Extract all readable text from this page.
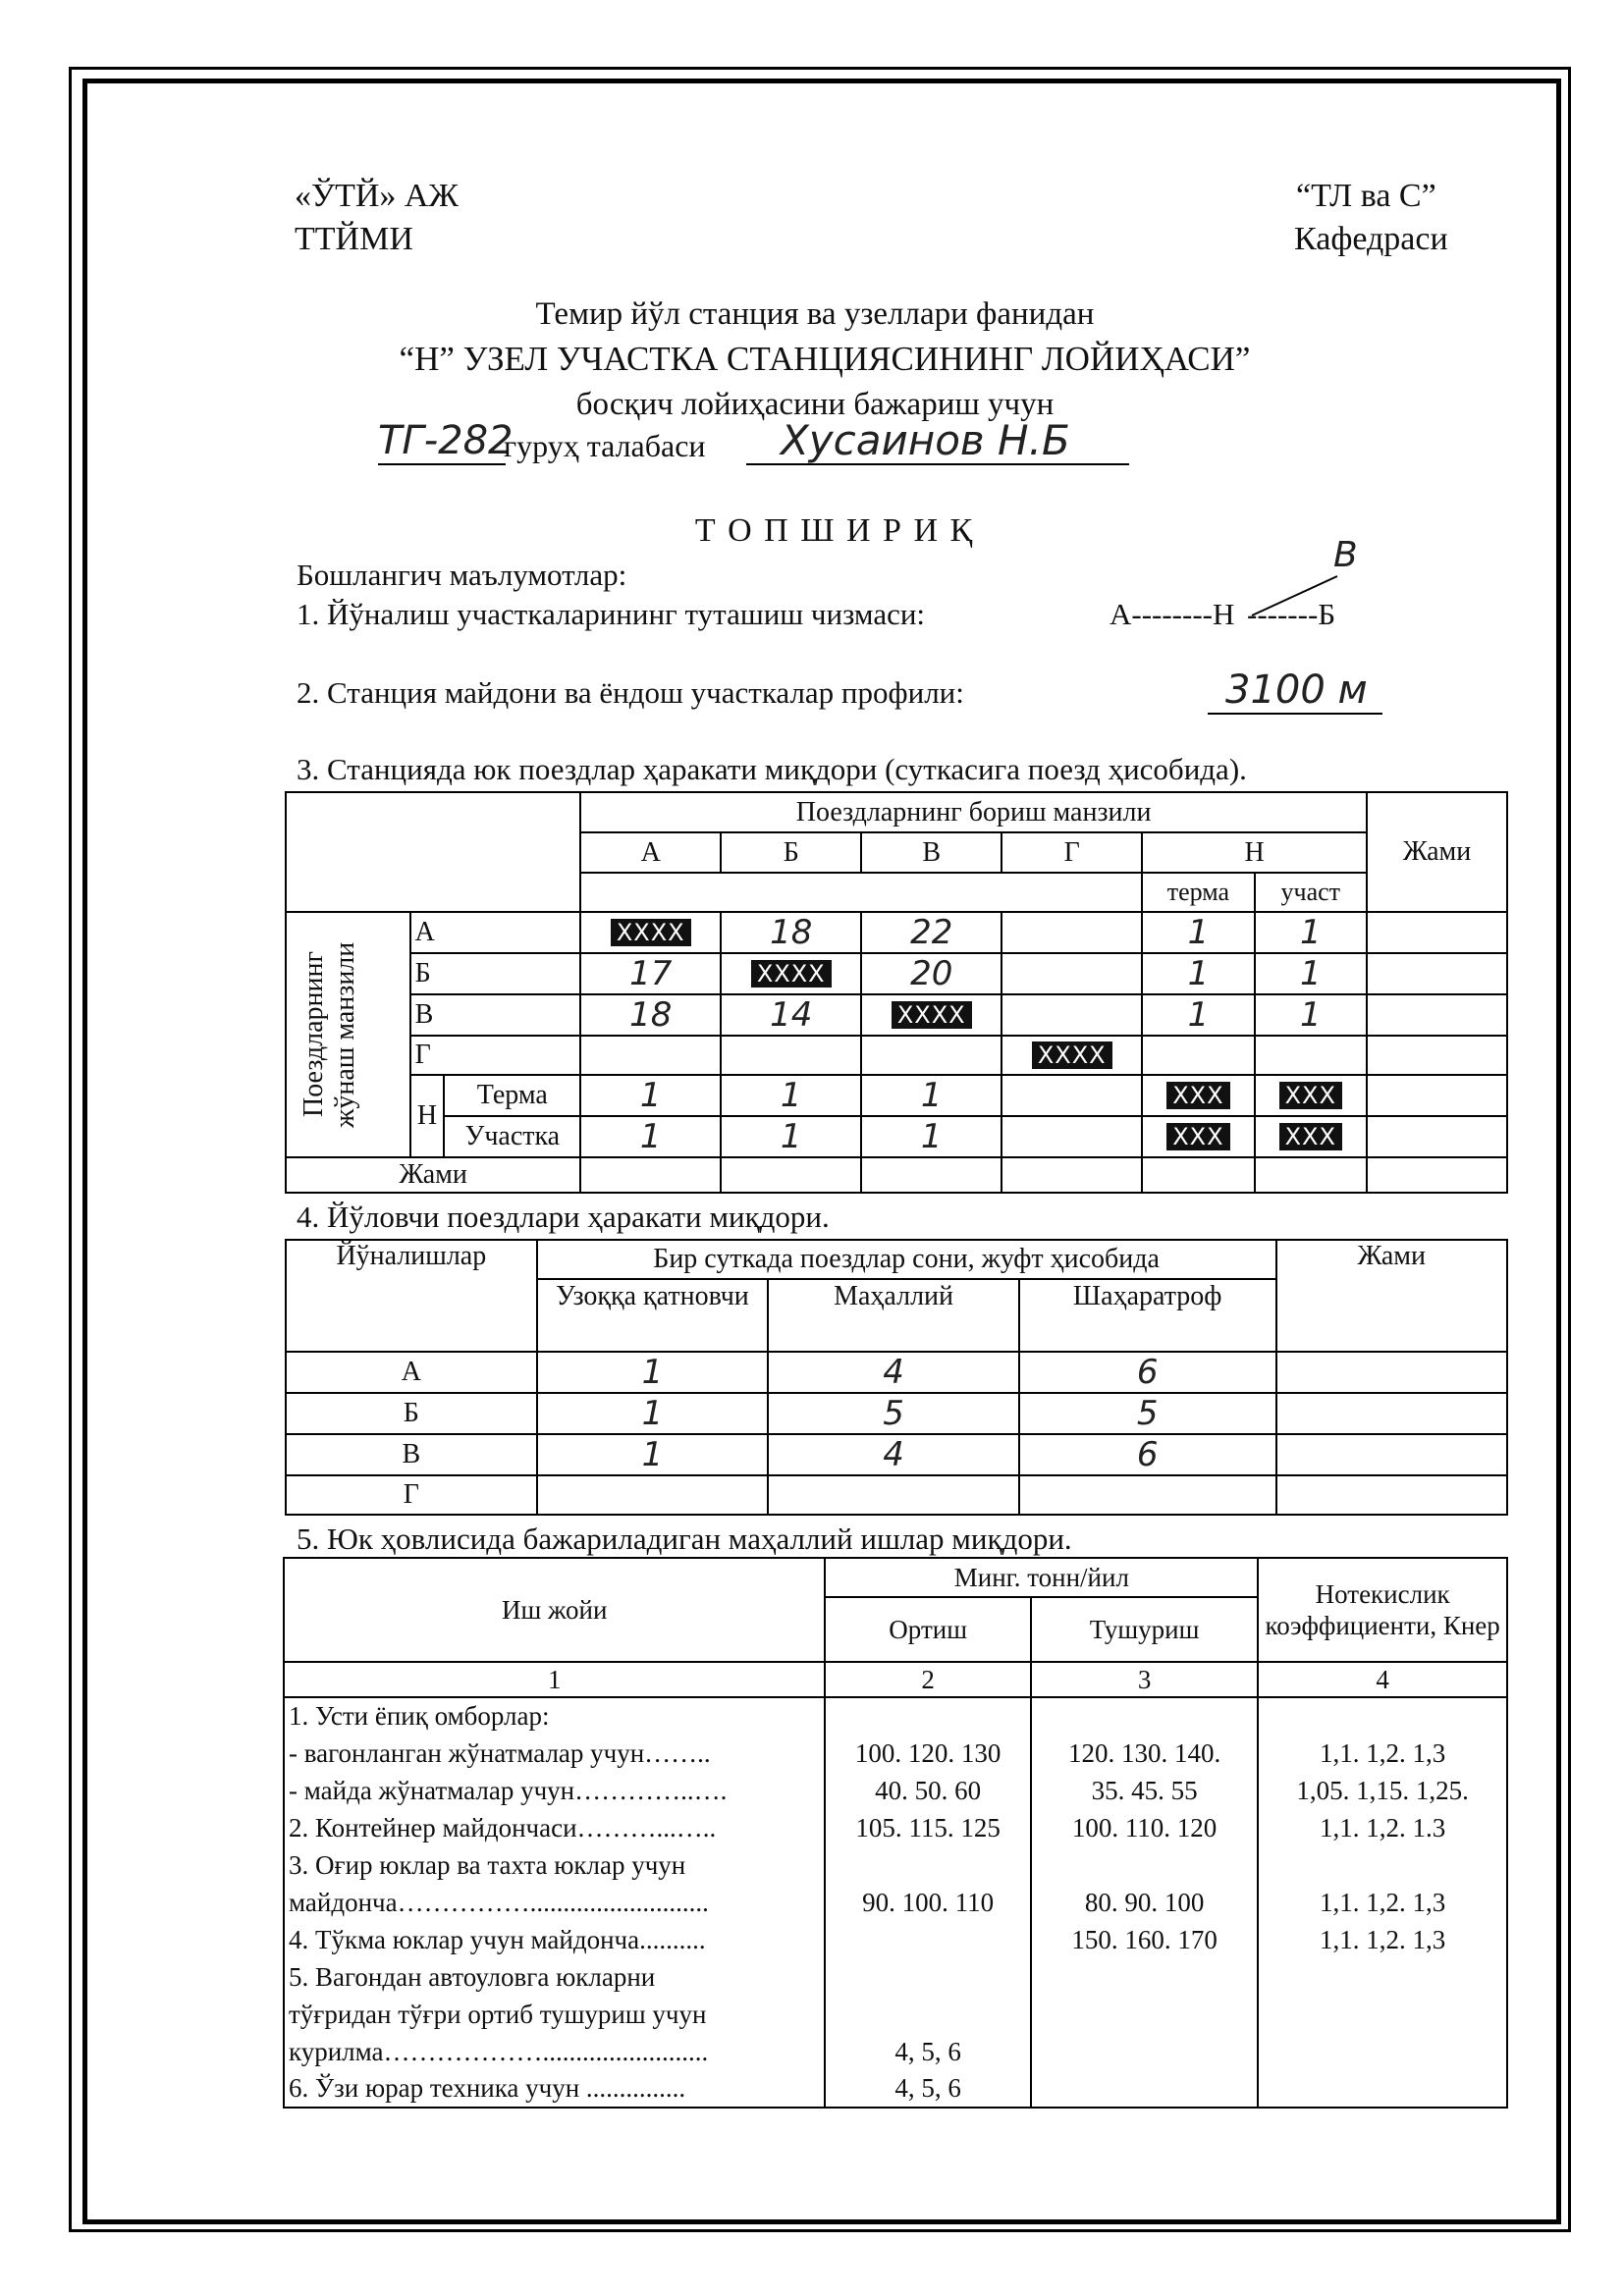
«ЎТЙ» АЖ
ТТЙМИ
“ТЛ ва С”
Кафедраси
Темир йўл станция ва узеллари фанидан
“Н” УЗЕЛ УЧАСТКА СТАНЦИЯСИНИНГ ЛОЙИҲАСИ”
босқич лойиҳасини бажариш учун
ТГ-282
гуруҳ талабаси Хусаинов Н.Б
Т О П Ш И Р И Қ
Бошлангич маълумотлар:
1. Йўналиш участкаларининг туташиш чизмаси:	А--------Н -------Б
В
2. Станция майдони ва ёндош участкалар профили:	3100 м
3. Станцияда юк поездлар ҳаракати миқдори (суткасига поезд ҳисобида).
			Поездларнинг бориш манзили						Жами
			А	Б	В	Г	Н		
							терма	участ	

Поездларнинг жўнаш манзили	А		XXXX	18	22		1	1	
	Б		17	XXXX	20		1	1	
	В		18	14	XXXX		1	1	
	Г					XXXX			
	Н	Терма	1	1	1		XXX	XXX	
		Участка	1	1	1		XXX	XXX	
Жами									
4. Йўловчи поездлари ҳаракати миқдори.
Йўналишлар	Бир суткада поездлар сони, жуфт ҳисобида			Жами
	Узоққа қатновчи	Маҳаллий	Шаҳаратроф	
А	1	4	6	
Б	1	5	5	
В	1	4	6	
Г				
5. Юк ҳовлисида бажариладиган маҳаллий ишлар миқдори.
Иш жойи	Минг. тонн/йил		Нотекислик коэффициенти, Кнер
	Ортиш	Тушуриш	
1	2	3	4
1. Усти ёпиқ омборлар:			
- вагонланган жўнатмалар учун……..	100. 120. 130	120. 130. 140.	1,1. 1,2. 1,3
- майда жўнатмалар учун…………..….	40. 50. 60	35. 45. 55	1,05. 1,15. 1,25.
2. Контейнер майдончаси………...…..	105. 115. 125	100. 110. 120	1,1. 1,2. 1.3
3. Оғир юклар ва тахта юклар учун			
майдонча……………...........................	90. 100. 110	80. 90. 100	1,1. 1,2. 1,3
4. Тўкма юклар учун майдонча..........		150. 160. 170	1,1. 1,2. 1,3
5. Вагондан автоуловга юкларни			
тўғридан тўғри ортиб тушуриш учун			
курилма……………….........................	4, 5, 6		
6. Ўзи юрар техника учун ...............	4, 5, 6		
